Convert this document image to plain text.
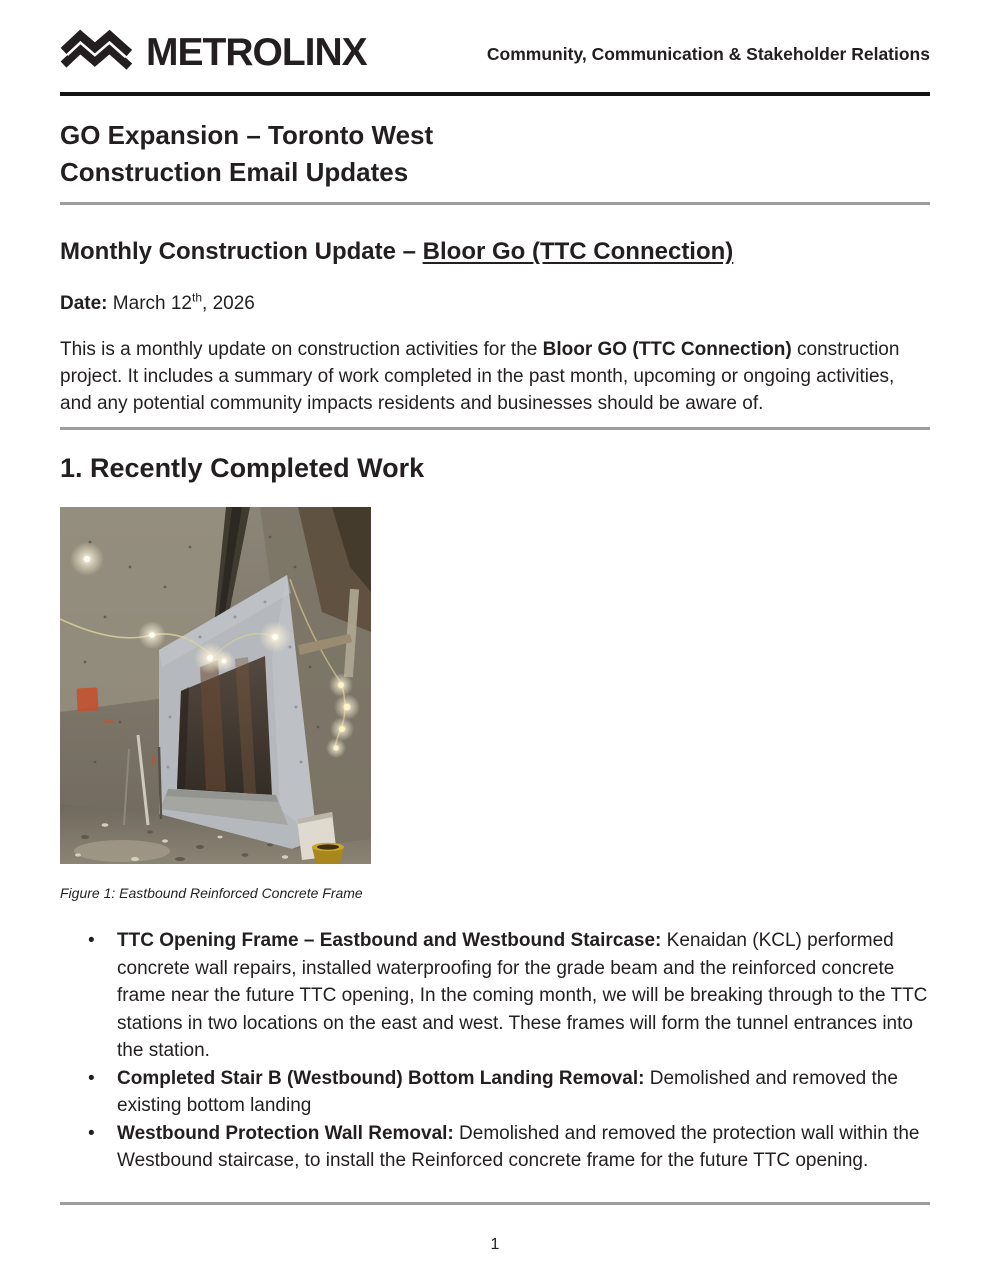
METROLINX	Community, Communication & Stakeholder Relations
GO Expansion – Toronto West
Construction Email Updates
Monthly Construction Update – Bloor Go (TTC Connection)

Date: March 12th, 2026

This is a monthly update on construction activities for the Bloor GO (TTC Connection) construction project. It includes a summary of work completed in the past month, upcoming or ongoing activities, and any potential community impacts residents and businesses should be aware of.

1. Recently Completed Work
Figure 1: Eastbound Reinforced Concrete Frame
• TTC Opening Frame – Eastbound and Westbound Staircase: Kenaidan (KCL) performed concrete wall repairs, installed waterproofing for the grade beam and the reinforced concrete frame near the future TTC opening, In the coming month, we will be breaking through to the TTC stations in two locations on the east and west. These frames will form the tunnel entrances into the station.
• Completed Stair B (Westbound) Bottom Landing Removal: Demolished and removed the existing bottom landing
• Westbound Protection Wall Removal: Demolished and removed the protection wall within the Westbound staircase, to install the Reinforced concrete frame for the future TTC opening.
1
